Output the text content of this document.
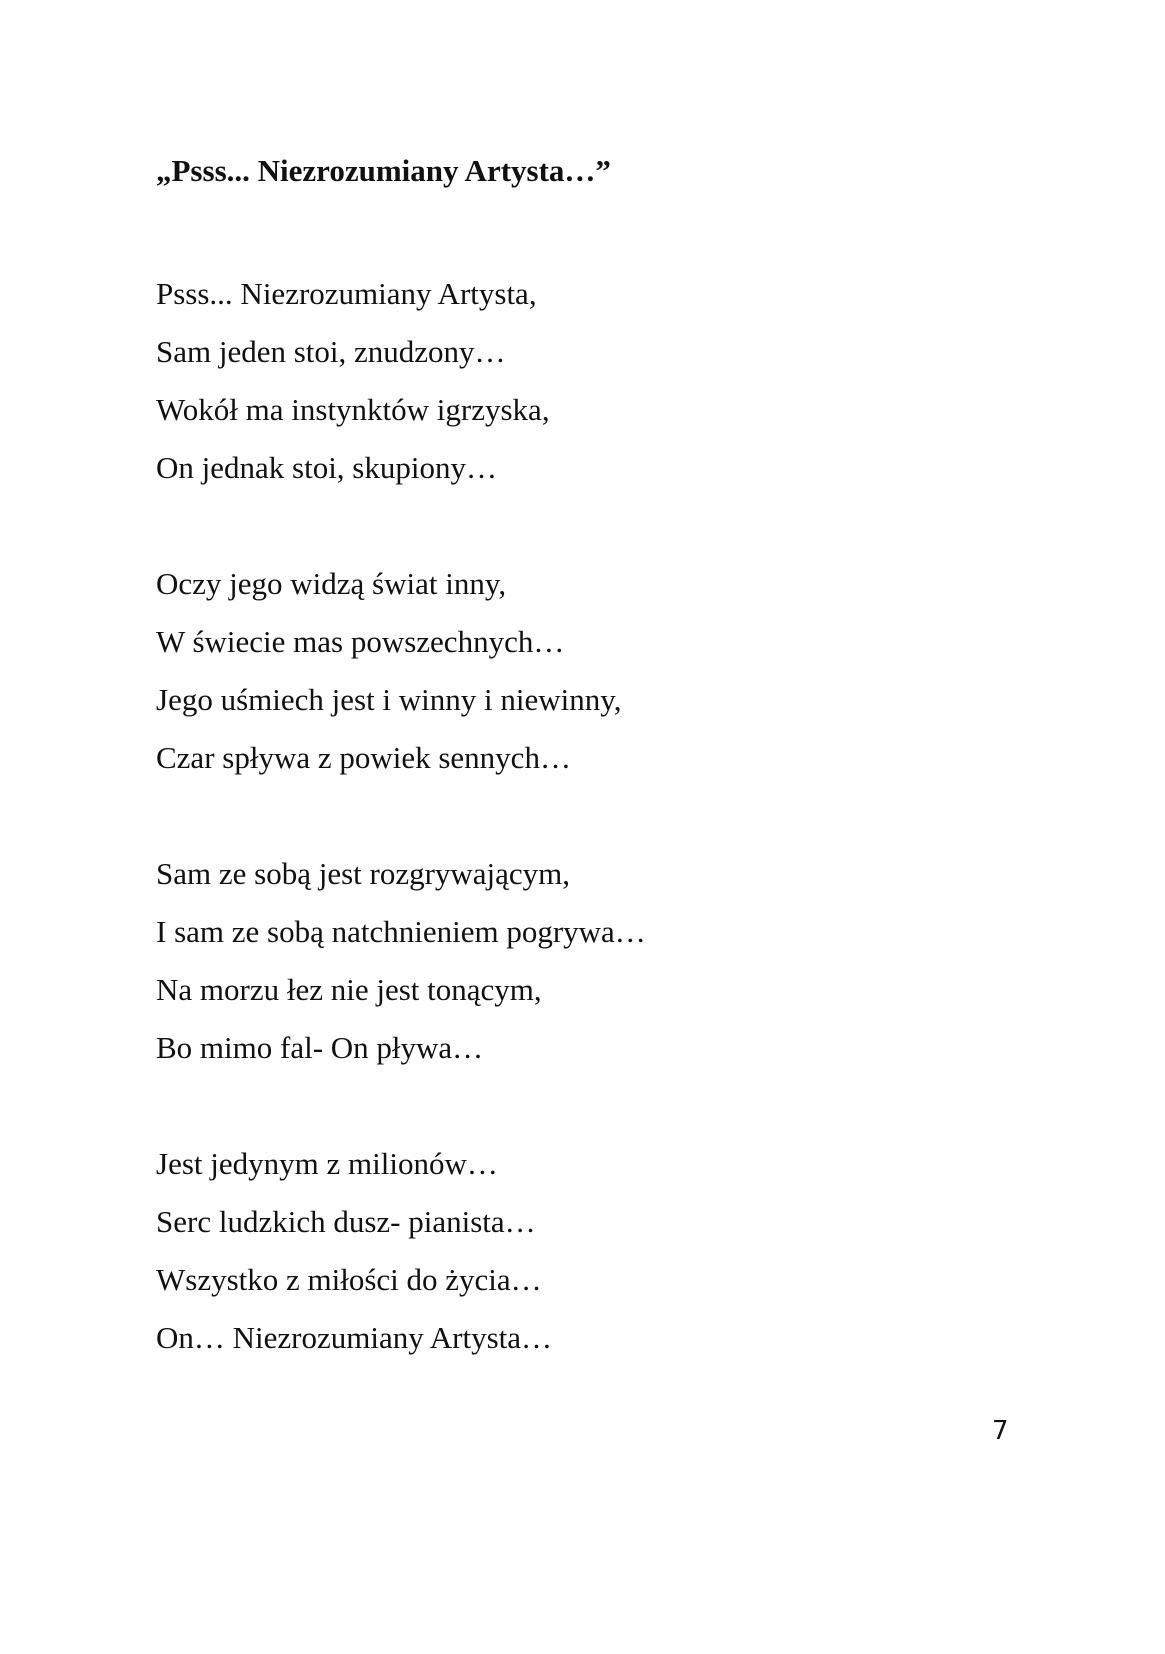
„Psss... Niezrozumiany Artysta…”
Psss... Niezrozumiany Artysta,
Sam jeden stoi, znudzony…
Wokół ma instynktów igrzyska,
On jednak stoi, skupiony…
Oczy jego widzą świat inny,
W świecie mas powszechnych…
Jego uśmiech jest i winny i niewinny,
Czar spływa z powiek sennych…
Sam ze sobą jest rozgrywającym,
I sam ze sobą natchnieniem pogrywa…
Na morzu łez nie jest tonącym,
Bo mimo fal- On pływa…
Jest jedynym z milionów…
Serc ludzkich dusz- pianista…
Wszystko z miłości do życia…
On… Niezrozumiany Artysta…
7
